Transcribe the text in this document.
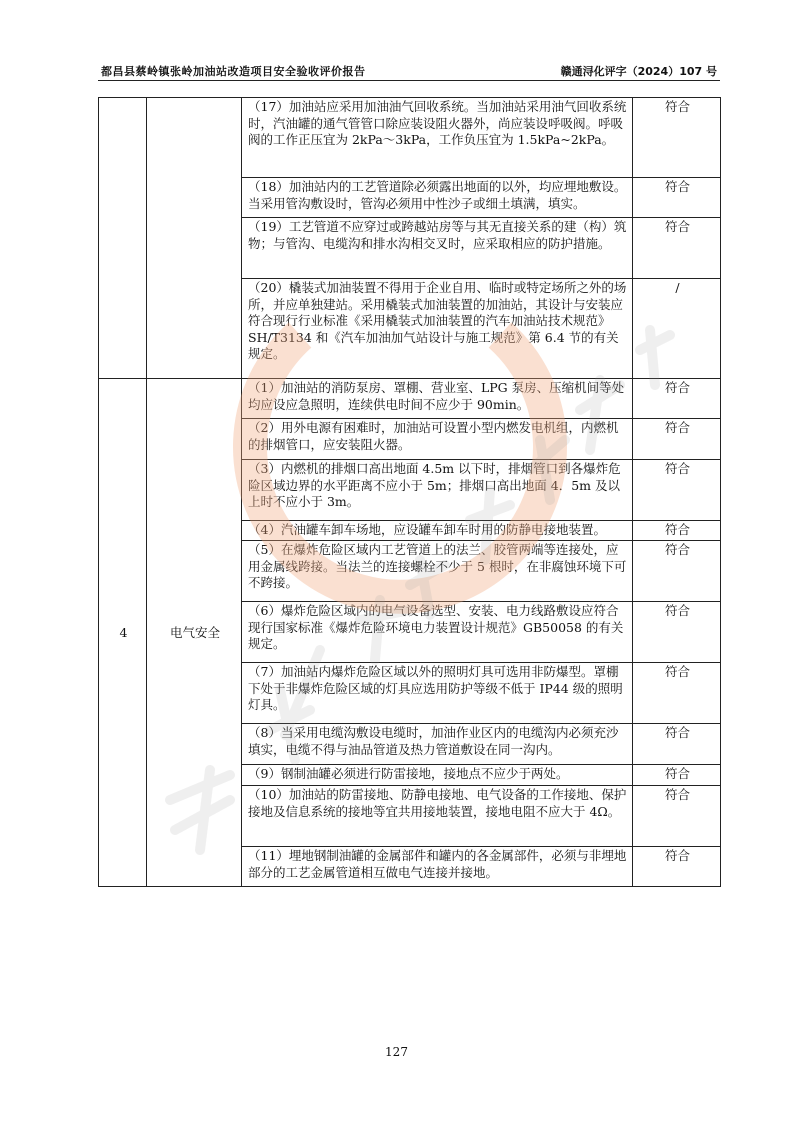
都昌县蔡岭镇张岭加油站改造项目安全验收评价报告	赣通浔化评字（2024）107 号
		（17）加油站应采用加油油气回收系统。当加油站采用油气回收系统时，汽油罐的通气管管口除应装设阻火器外，尚应装设呼吸阀。呼吸阀的工作正压宜为 2kPa～3kPa，工作负压宜为 1.5kPa~2kPa。	符合
		（18）加油站内的工艺管道除必须露出地面的以外，均应埋地敷设。当采用管沟敷设时，管沟必须用中性沙子或细土填满，填实。	符合
		（19）工艺管道不应穿过或跨越站房等与其无直接关系的建（构）筑物；与管沟、电缆沟和排水沟相交叉时，应采取相应的防护措施。	符合
		（20）橇装式加油装置不得用于企业自用、临时或特定场所之外的场所，并应单独建站。采用橇装式加油装置的加油站，其设计与安装应符合现行行业标准《采用橇装式加油装置的汽车加油站技术规范》SH/T3134 和《汽车加油加气站设计与施工规范》第 6.4 节的有关规定。	/
4	电气安全	（1）加油站的消防泵房、罩棚、营业室、LPG 泵房、压缩机间等处均应设应急照明，连续供电时间不应少于 90min。	符合
		（2）用外电源有困难时，加油站可设置小型内燃发电机组，内燃机的排烟管口，应安装阻火器。	符合
		（3）内燃机的排烟口高出地面 4.5m 以下时，排烟管口到各爆炸危险区域边界的水平距离不应小于 5m；排烟口高出地面 4．5m 及以上时不应小于 3m。	符合
		（4）汽油罐车卸车场地，应设罐车卸车时用的防静电接地装置。	符合
		（5）在爆炸危险区域内工艺管道上的法兰、胶管两端等连接处，应用金属线跨接。当法兰的连接螺栓不少于 5 根时，在非腐蚀环境下可不跨接。	符合
		（6）爆炸危险区域内的电气设备选型、安装、电力线路敷设应符合现行国家标准《爆炸危险环境电力装置设计规范》GB50058 的有关规定。	符合
		（7）加油站内爆炸危险区域以外的照明灯具可选用非防爆型。罩棚下处于非爆炸危险区域的灯具应选用防护等级不低于 IP44 级的照明灯具。	符合
		（8）当采用电缆沟敷设电缆时，加油作业区内的电缆沟内必须充沙填实，电缆不得与油品管道及热力管道敷设在同一沟内。	符合
		（9）钢制油罐必须进行防雷接地，接地点不应少于两处。	符合
		（10）加油站的防雷接地、防静电接地、电气设备的工作接地、保护接地及信息系统的接地等宜共用接地装置，接地电阻不应大于 4Ω。	符合
		（11）埋地钢制油罐的金属部件和罐内的各金属部件，必须与非埋地部分的工艺金属管道相互做电气连接并接地。	符合
127
